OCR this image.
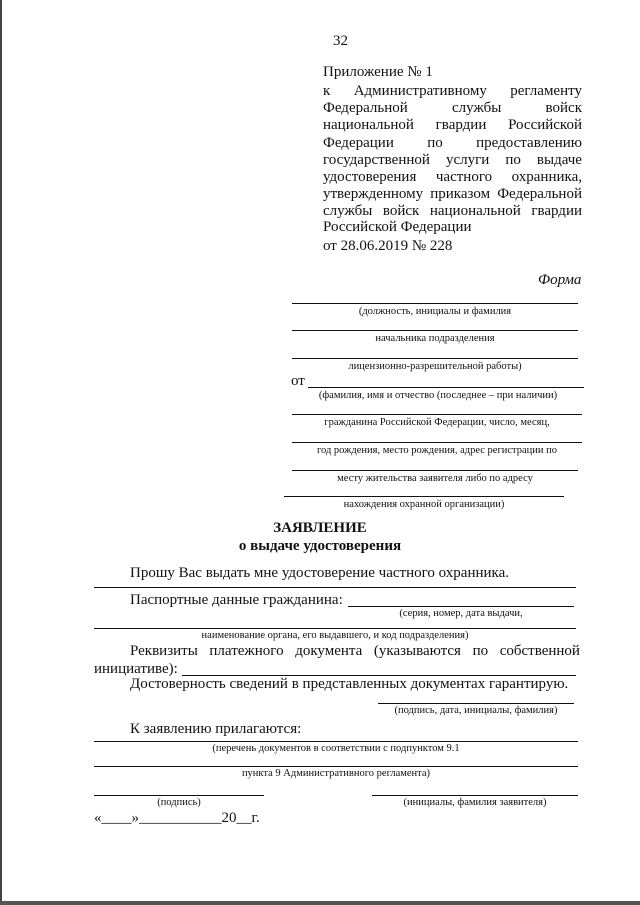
32
Приложение № 1
к Административному регламенту
Федеральной	службы	войск
национальной гвардии Российской
Федерации по предоставлению
государственной услуги по выдаче
удостоверения частного охранника,
утвержденному приказом Федеральной
службы войск национальной гвардии
Российской Федерации
от 28.06.2019 № 228
Форма
(должность, инициалы и фамилия
начальника подразделения
лицензионно-разрешительной работы)
от
(фамилия, имя и отчество (последнее – при наличии)
гражданина Российской Федерации, число, месяц,
год рождения, место рождения, адрес регистрации по
месту жительства заявителя либо по адресу
нахождения охранной организации)
ЗАЯВЛЕНИЕ
о выдаче удостоверения
Прошу Вас выдать мне удостоверение частного охранника.
Паспортные данные гражданина:
(серия, номер, дата выдачи,
наименование органа, его выдавшего, и код подразделения)
Реквизиты платежного документа (указываются по собственной
инициативе):
Достоверность сведений в представленных документах гарантирую.
(подпись, дата, инициалы, фамилия)
К заявлению прилагаются:
(перечень документов в соответствии с подпунктом 9.1
пункта 9 Административного регламента)
(подпись)	(инициалы, фамилия заявителя)
«____»___________20__г.
